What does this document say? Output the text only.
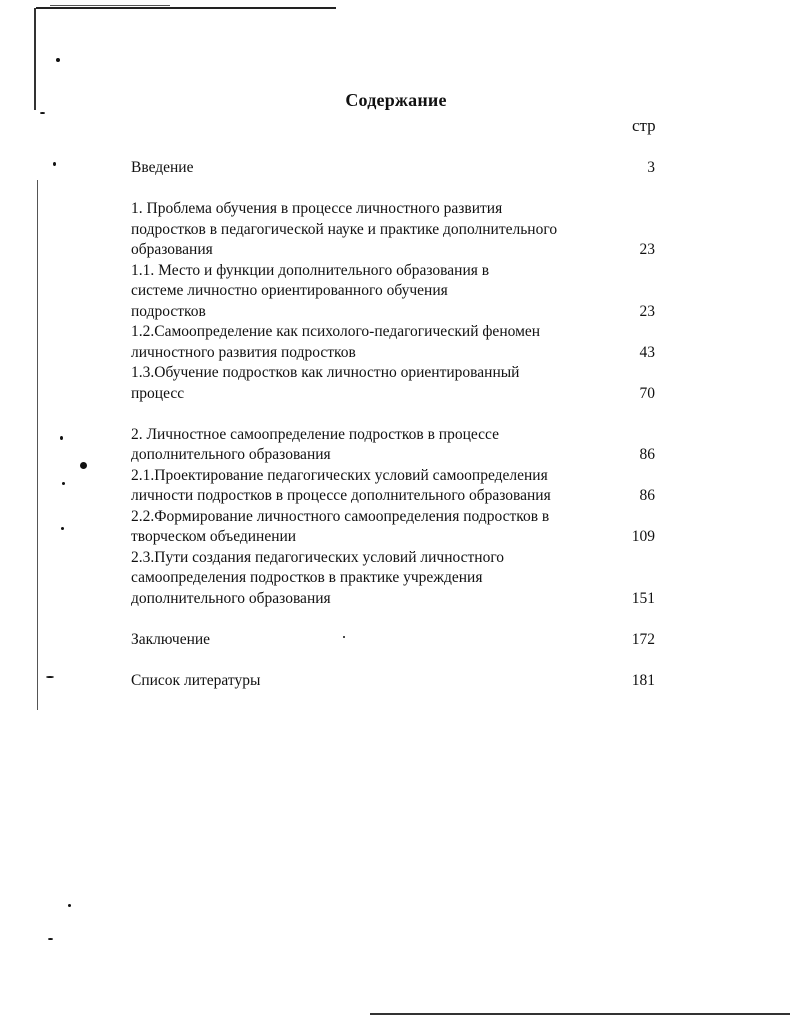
Содержание
стр
Введение	3
1. Проблема обучения в процессе личностного развития
подростков в педагогической науке и практике дополнительного
образования	23
1.1. Место и функции дополнительного образования в
системе личностно ориентированного обучения
подростков	23
1.2.Самоопределение как психолого-педагогический феномен
личностного развития подростков	43
1.3.Обучение подростков как личностно ориентированный
процесс	70
2. Личностное самоопределение подростков в процессе
дополнительного образования	86
2.1.Проектирование педагогических условий самоопределения
личности подростков в процессе дополнительного образования	86
2.2.Формирование личностного самоопределения подростков в
творческом объединении	109
2.3.Пути создания педагогических условий личностного
самоопределения подростков в практике учреждения
дополнительного образования	151
Заключение	172
Список литературы	181
